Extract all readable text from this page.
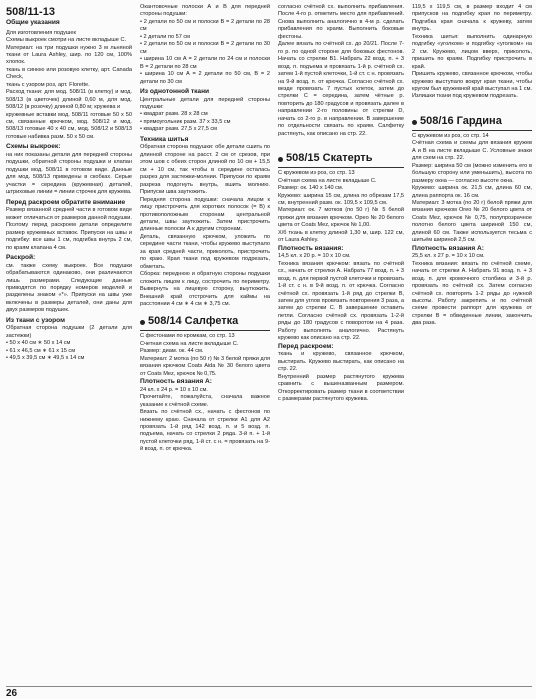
508/11-13

Общие указания

Для изготовления подушек

Схемы выкроек смотри на листе вкладыше С.

Материал: на три подушки нужно 3 м льняной ткани от Laura Ashley, шир. по 120 см, 100% хлопок.

ткань в синюю или розовую клетку, арт. Canada Check,

ткань с узором роз, арт. Florette.

Расход ткани: для мод. 508/11 (в клетку) и мод. 508/13 (в цветочек) длиной 0,60 м, для мод. 508/12 (в розочку) длиной 0,80 м; кружева и

кружевные вставки мод. 508/11 готовые 50 x 50 см, связанные крючком, мод. 508/12 и мод. 508/13 готовые 40 x 40 см, мод. 508/12 и 508/13 готовые набивка разм. 50 x 50 см.

Схемы выкроек:

на них показаны детали для передней стороны подушки, обратной стороны подушки и клапан подушки мод. 508/11 в готовом виде. Данные для мод. 508/13 приведены в скобках. Серые участки = середина (кружевная) деталей, штриховые линии = линии строчек для кружева.

Перед раскроем обратите внимание

Размер вязанной средней части в готовом виде может отличаться от размеров данной подушки. Поэтому перед раскроем детали определите размер кружевных вставок. Припуски на швы и подгибку: все швы 1 см, подгибка внутрь 2 см, по краям клапана 4 см.

Раскрой:

см. также схему выкроек. Все подушки обрабатываются одинаково, они различаются лишь размерами. Следующие данные приводятся по порядку номеров моделей и разделены знаком «*». Припуски на швы уже включены в размеры деталей, они даны для двух размеров подушек.

Из ткани с узором

Обратная сторона подушки (2 детали для застежки)

• 50 x 40 см ∗ 50 x 14 см

• 61 x 46,5 см ∗ 61 x 15 см

• 49,5 x 39,5 см ∗ 49,5 x 14 см

Окантовочные полоски А и В для передней стороны подушки:

• 2 детали по 50 см и полоски В = 2 детали по 28 см

• 2 детали по 57 см

• 2 детали по 50 см и полоски В = 2 детали по 30 см

• ширина 10 см А = 2 детали по 24 см и полоски В = 2 детали по 28 см

• ширина 10 см А = 2 детали по 50 см, В = 2 детали по 30 см

Из однотонной ткани

Центральные детали для передней стороны подушки:

• квадрат разм. 28 x 28 см

• прямоугольник разм. 37 x 33,5 см

• квадрат разм. 27,5 x 27,5 см

Техника шитья

Обратная сторона подушки: обе детали сшить по длинной стороне на расст. 2 см от срезов, при этом шов с обеих сторон длиной по 10 см + 15,5 см + 10 см, так чтобы в середине осталась разрез для застежки-молнии. Припуски по краям разреза подогнуть внутрь, вшить молнию. Припуски шва заутюжить.

Передняя сторона подушки: сначала лицом к лицу пристрочить для коротких полосок (= В) к противоположным сторонам центральной детали, швы заутюжить. Затем пристрочить длинные полоски А к другим сторонам.

Деталь, связанную крючком, уложить по середине части ткани, чтобы кружево выступало за края средней части, приколоть, пристрочить по краю. Края ткани под кружевом подрезать, обметать.

Сборка: переднюю и обратную стороны подушки сложить лицом к лицу, сострочить по периметру. Вывернуть на лицевую сторону, выутюжить. Внешний край отстрочить для каймы на расстоянии 4 см ∗ 4 см ∗ 3,75 см.

508/14 Салфетка

С фестонами по кромкам, со стр. 13

Счетная схема на листе вкладыше С.

Размер: диам. ок. 44 см.

Материал: 2 мотка (по 50 г) № 3 белой пряжи для вязания крючком Coats Aida № 30 белого цвета от Coats Mez, крючок № 0,75.

Плотность вязания А:

24 кл. x 24 р. = 10 x 10 см.

Прочитайте, пожалуйста, сначала важное указание к счётной схеме.

Вязать по счётной сх., начать с фестонов по нижнему краю. Сначала от стрелки А1 для А2 провязать 1-й ряд 142 возд. п. и 5 возд. п. подъема, начать со стрелки 2 ряда. 3-й п. + 1-й пустой клеточки ряд, 1-й ст. с н. = провязать на 9-й возд. п. от крючка.

согласно счётной сх. выполнить прибавления. После 4-го р. отметить место для прибавлений. Снова выполнить аналогично в 4-м р. сделать прибавления по краям. Выполнить боковые фестоны.

Далее вязать по счётной сх. до 20/21. После 7-го р. по одной стороне для боковых фестонов. Начать со стрелки В1. Набрать 22 возд. п. + 3 возд. п. подъема и провязать 1-й р. счётной сх. затем 1-й пустой клеточки, 1-й ст. с н. провязать на 9-й возд. п. от крючка. Согласно счётной сх. везде провязать 7 пустых клеток, затем до стрелки С = середина, затем чётные р. повторить до 180 градусов и провязать далее в направлении 2-го половины от стрелки D, начать со 2-го р. в направлении. В завершение по отдельности связать по краям. Салфетку растянуть, как описано на стр. 22.

508/15 Скатерть

С кружевом из роз, со стр. 13

Счётная схема на листе вкладыше С.

Размер: ок. 140 x 140 см.

Кружево: ширина 15 см, длина по обрезам 17,5 см, внутренний разм. ок. 109,5 x 109,5 см.

Материал: ок. 7 мотков (по 50 г) № 5 белой пряжи для вязания крючком. Орео № 20 белого цвета от Coats Mez, крючок № 1,00.

Х/б ткань в клетку длиной 1,30 м, шир. 122 см, от Laura Ashley.

Плотность вязания:

14,5 кл. x 20 р. = 10 x 10 см.

Техника вязания крючком: вязать по счётной сх., начать от стрелки А. Набрать 77 возд. п. + 3 возд. п. для первой пустой клеточки и провязать 1-й ст. с н. в 9-й возд. п. от крючка. Согласно счётной сх. провязать 1-й ряд до стрелки В, затем для углов провязать повторения 3 раза, а затем до стрелки С. В завершение оставить петли. Согласно счётной сх. провязать 1-2-й ряды до 180 градусов с поворотом на 4 раза. Работу выполнять аналогично. Растянуть кружево как описано на стр. 22.

Перед раскроем:

ткань и кружево, связанное крючком, выстирать. Кружево выстирать, как описано на стр. 22.

Внутренний размер растянутого кружева сравнить с вышеназванным размером. Откорректировать размер ткани в соответствии с размерами растянутого кружева.

119,5 x 119,5 см, в размер входит 4 см припусков на подгибку края по периметру. Подгибка края сначала к кружеву, затем внутрь.

Техника шитья: выполнить одинарную подгибку «уголком» и подгибку «уголком» на 2 см. Кружево, лицом вверх, приколоть, пришить по краям. Подгибку пристрочить в край.

Пришить кружево, связанное крючком, чтобы кружево выступало вокруг края ткани, чтобы кругом был кружевной край выступал на 1 см. Излишки ткани под кружевом подрезать.

508/16 Гардина

С кружевом из роз, со стр. 14

Счётная схема и схемы для вязания кружев А и В на листе вкладыше С. Условные знаки для схем на стр. 22.

Размер: ширина 50 см (можно изменить его в большую сторону или уменьшить), высота по размеру окна — согласно высоте окна.

Кружево: ширина ок. 21,5 см, длина 60 см, длина раппорта ок. 16 см.

Материал: 3 мотка (по 20 г) белой пряжи для вязания крючком Orеo № 20 белого цвета от Coats Mez, крючок № 0,75, полупрозрачное полотно белого цвета шириной 150 см, длиной 60 см. Также используется тесьма с шитьём шириной 2,5 см.

Плотность вязания А:

25,5 кл. x 27 р. = 10 x 10 см.

Техника вязания: вязать по счётной схеме, начать от стрелки А. Набрать 91 возд. п. + 3 возд. п. для кромочного столбика и 3-й р. провязать по счётной сх. Затем согласно счётной сх. повторять 1-2 ряды до нужной высоты. Работу закрепить и по счётной схеме провести раппорт для кружева от стрелки В = обведенные линии, закончить два раза.

26
